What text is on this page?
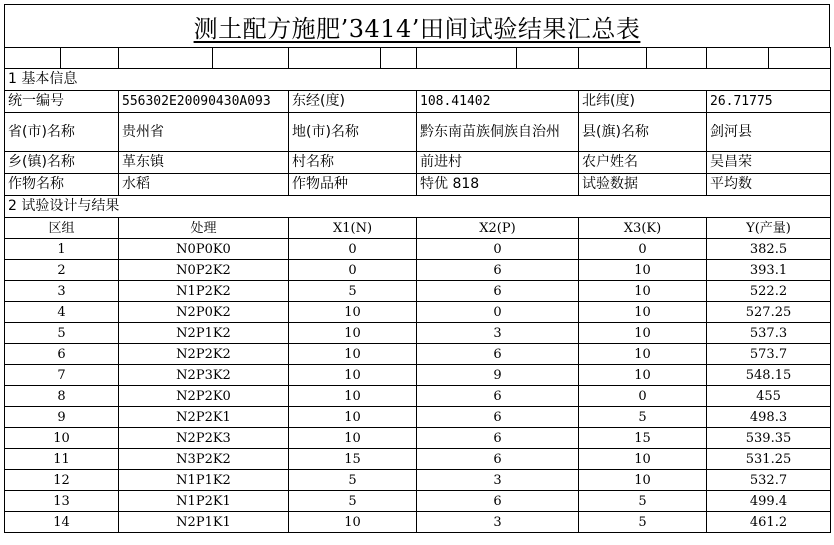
测土配方施肥’3414’田间试验结果汇总表

1 基本信息											
统一编号		556302E20090430A093		东经(度)		108.41402		北纬(度)		26.71775	
省(市)名称		贵州省		地(市)名称		黔东南苗族侗族自治州		县(旗)名称		剑河县	
乡(镇)名称		革东镇		村名称		前进村		农户姓名		吴昌荣	
作物名称		水稻		作物品种		特优 818		试验数据		平均数	
2 试验设计与结果											
区组		处理		X1(N)		X2(P)		X3(K)		Y(产量)	
1		N0P0K0		0		0		0		382.5	
2		N0P2K2		0		6		10		393.1	
3		N1P2K2		5		6		10		522.2	
4		N2P0K2		10		0		10		527.25	
5		N2P1K2		10		3		10		537.3	
6		N2P2K2		10		6		10		573.7	
7		N2P3K2		10		9		10		548.15	
8		N2P2K0		10		6		0		455	
9		N2P2K1		10		6		5		498.3	
10		N2P2K3		10		6		15		539.35	
11		N3P2K2		15		6		10		531.25	
12		N1P1K2		5		3		10		532.7	
13		N1P2K1		5		6		5		499.4	
14		N2P1K1		10		3		5		461.2	
